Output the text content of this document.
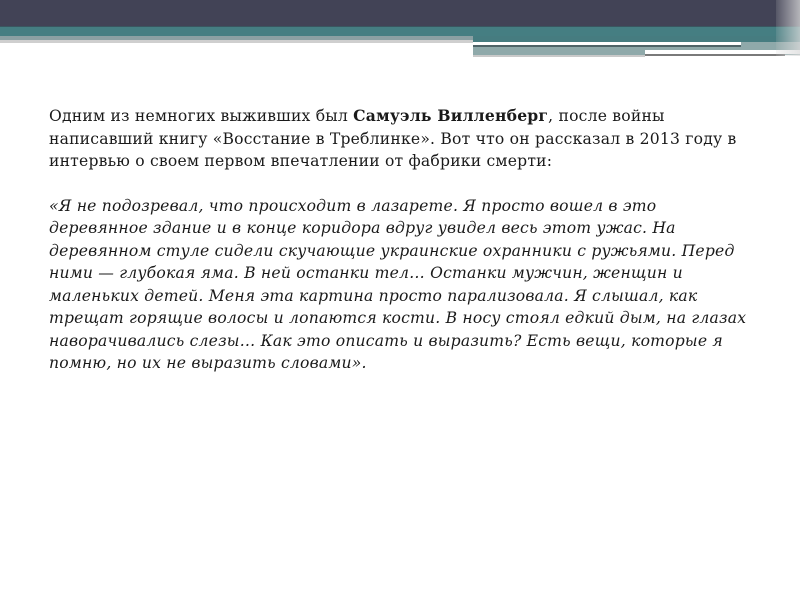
Одним из немногих выживших был Самуэль Вилленберг, после войны написавший книгу «Восстание в Треблинке». Вот что он рассказал в 2013 году в интервью о своем первом впечатлении от фабрики смерти:

«Я не подозревал, что происходит в лазарете. Я просто вошел в это деревянное здание и в конце коридора вдруг увидел весь этот ужас. На деревянном стуле сидели скучающие украинские охранники с ружьями. Перед ними — глубокая яма. В ней останки тел… Останки мужчин, женщин и маленьких детей. Меня эта картина просто парализовала. Я слышал, как трещат горящие волосы и лопаются кости. В носу стоял едкий дым, на глазах наворачивались слезы… Как это описать и выразить? Есть вещи, которые я помню, но их не выразить словами».
